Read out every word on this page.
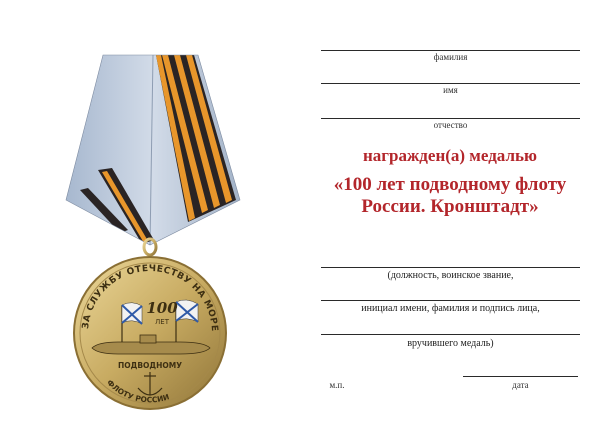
ЗА СЛУЖБУ ОТЕЧЕСТВУ НА МОРЕ
100
ЛЕТ
ПОДВОДНОМУ
ФЛОТУ РОССИИ
фамилия
имя
отчество
награжден(а) медалью
«100 лет подводному флоту
России. Кронштадт»
(должность, воинское звание,
инициал имени, фамилия и подпись лица,
вручившего медаль)
м.п.	дата
